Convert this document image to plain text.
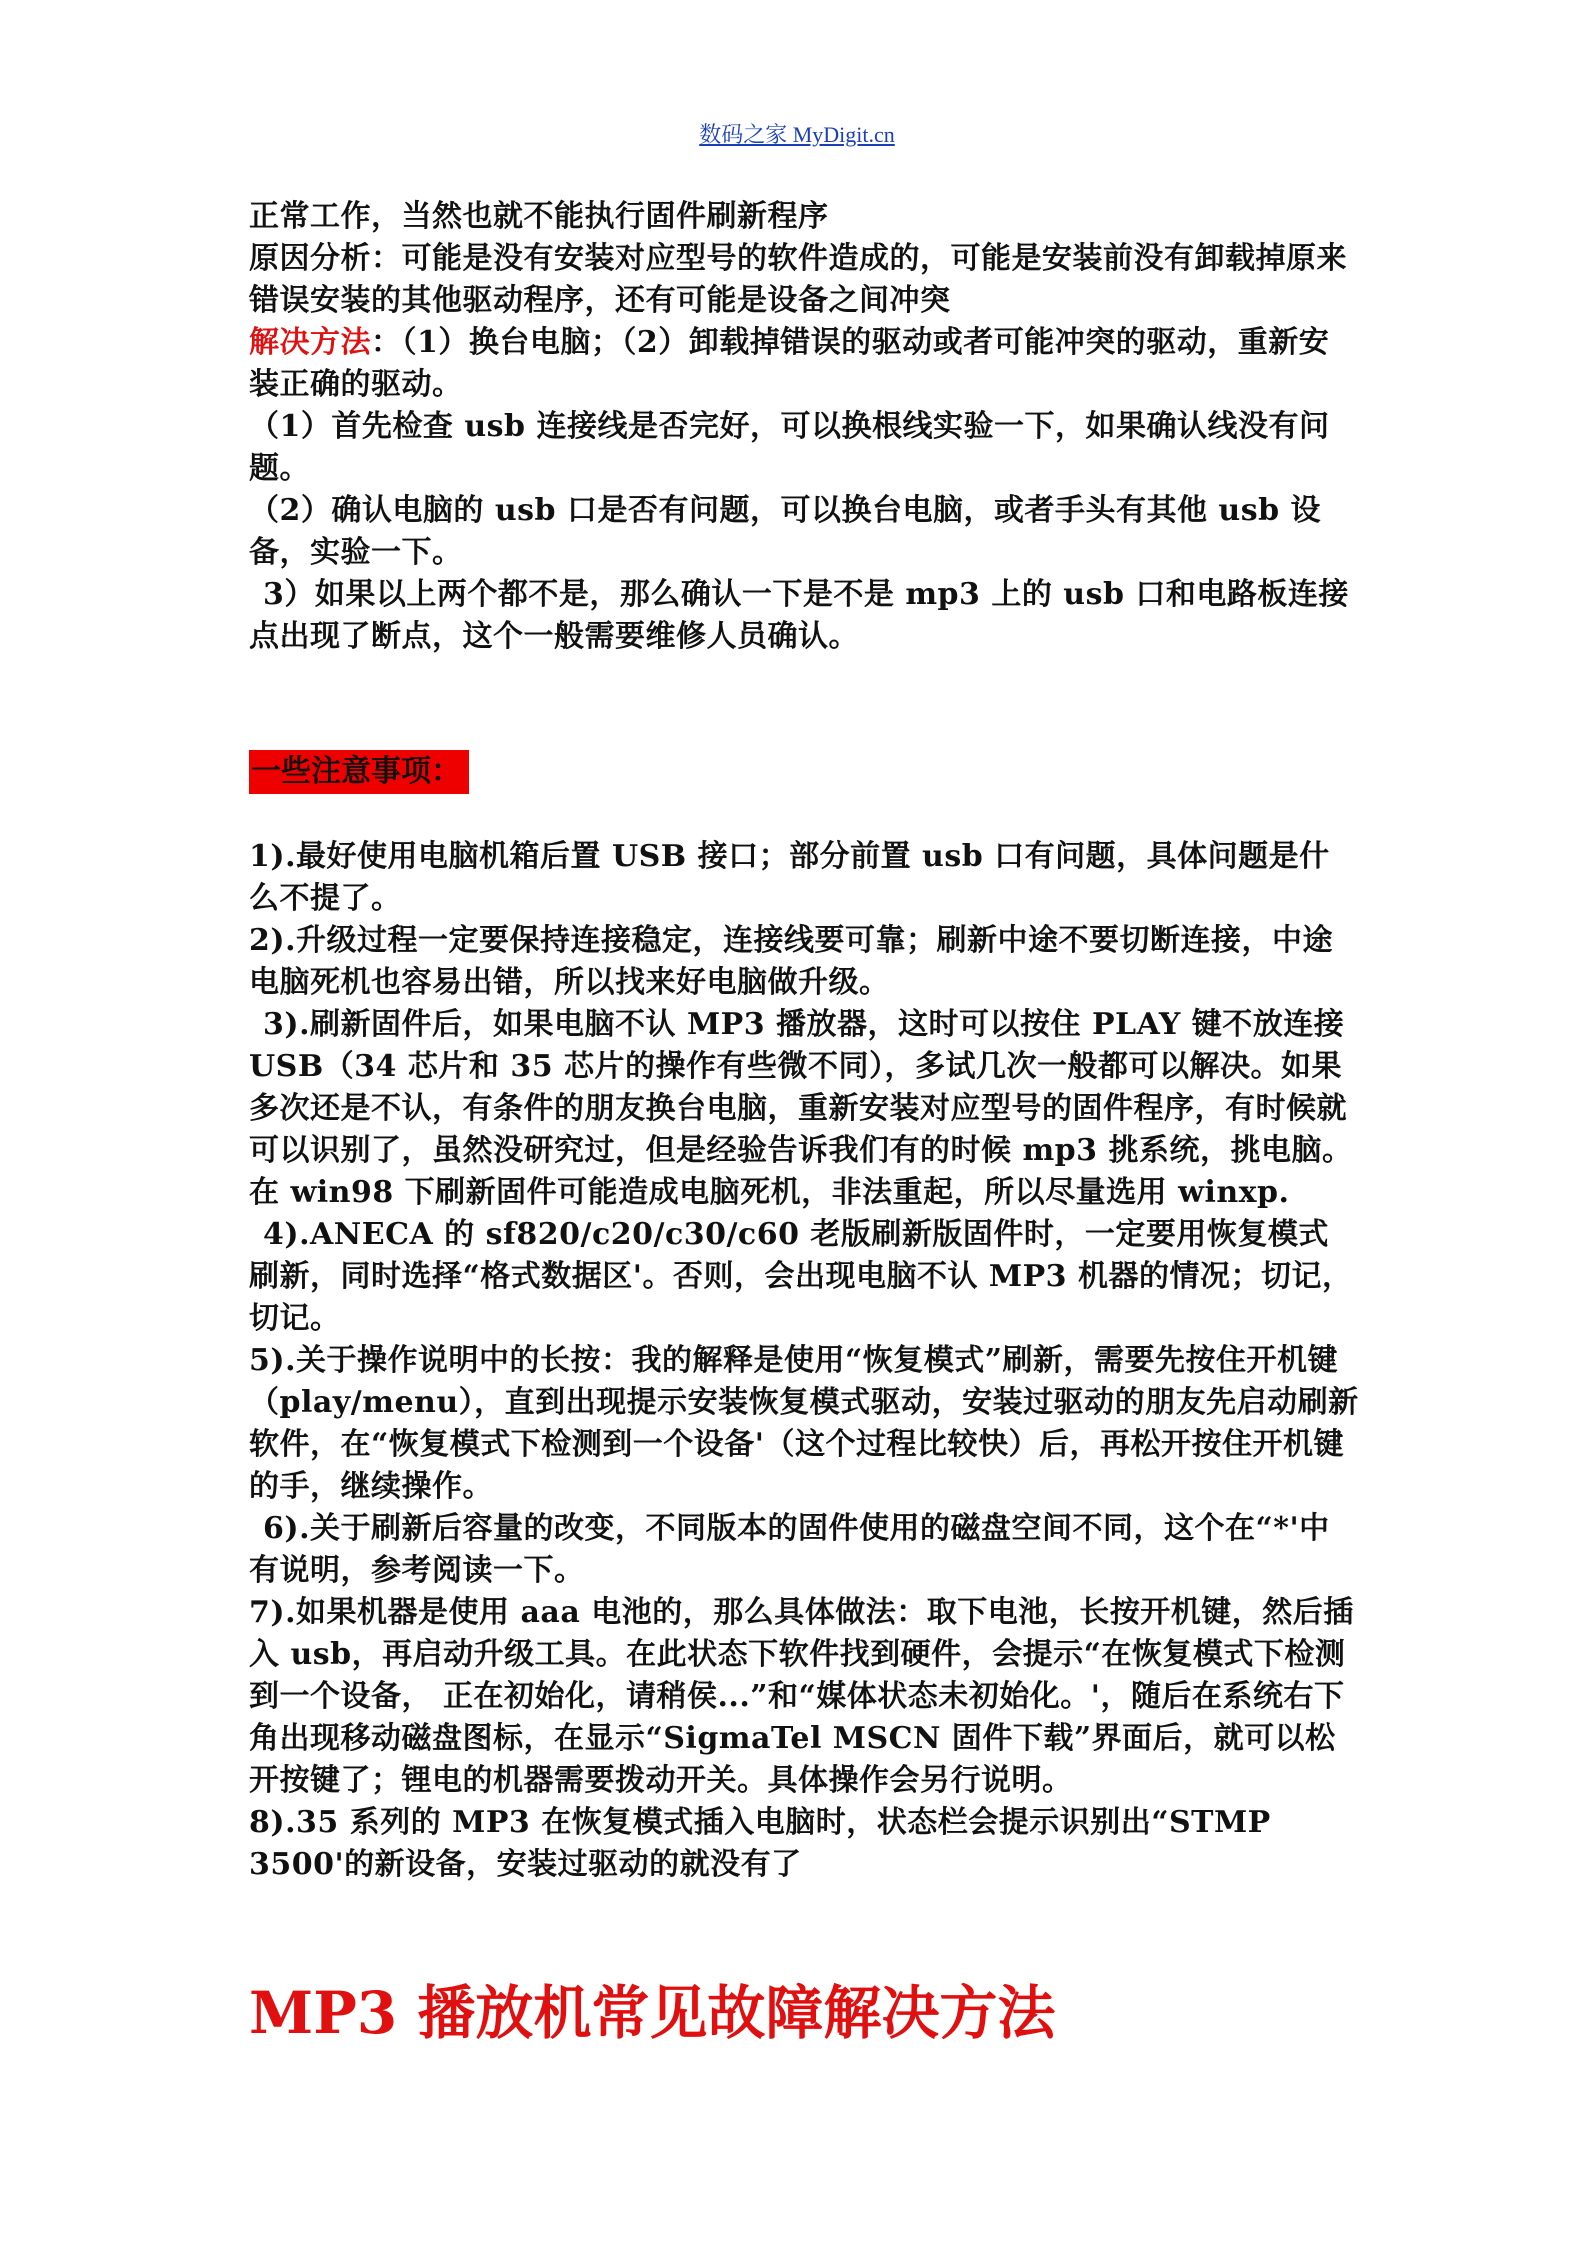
数码之家 MyDigit.cn

正常工作，当然也就不能执行固件刷新程序

原因分析：可能是没有安装对应型号的软件造成的，可能是安装前没有卸载掉原来错误安装的其他驱动程序，还有可能是设备之间冲突

解决方法：（1）换台电脑；（2）卸载掉错误的驱动或者可能冲突的驱动，重新安装正确的驱动。

（1）首先检查 usb 连接线是否完好，可以换根线实验一下，如果确认线没有问题。

（2）确认电脑的 usb 口是否有问题，可以换台电脑，或者手头有其他 usb 设备，实验一下。

3）如果以上两个都不是，那么确认一下是不是 mp3 上的 usb 口和电路板连接点出现了断点，这个一般需要维修人员确认。

一些注意事项：

1).最好使用电脑机箱后置 USB 接口；部分前置 usb 口有问题，具体问题是什么不提了。

2).升级过程一定要保持连接稳定，连接线要可靠；刷新中途不要切断连接，中途电脑死机也容易出错，所以找来好电脑做升级。

3).刷新固件后，如果电脑不认 MP3 播放器，这时可以按住 PLAY 键不放连接 USB（34 芯片和 35 芯片的操作有些微不同），多试几次一般都可以解决。如果多次还是不认，有条件的朋友换台电脑，重新安装对应型号的固件程序，有时候就可以识别了，虽然没研究过，但是经验告诉我们有的时候 mp3 挑系统，挑电脑。在 win98 下刷新固件可能造成电脑死机，非法重起，所以尽量选用 winxp.

4).ANECA 的 sf820/c20/c30/c60 老版刷新版固件时，一定要用恢复模式刷新，同时选择“格式数据区'。否则，会出现电脑不认 MP3 机器的情况；切记，切记。

5).关于操作说明中的长按：我的解释是使用“恢复模式”刷新，需要先按住开机键（play/menu），直到出现提示安装恢复模式驱动，安装过驱动的朋友先启动刷新软件，在“恢复模式下检测到一个设备'（这个过程比较快）后，再松开按住开机键的手，继续操作。

6).关于刷新后容量的改变，不同版本的固件使用的磁盘空间不同，这个在“*'中有说明，参考阅读一下。

7).如果机器是使用 aaa 电池的，那么具体做法：取下电池，长按开机键，然后插入 usb，再启动升级工具。在此状态下软件找到硬件，会提示“在恢复模式下检测到一个设备， 正在初始化，请稍侯...”和“媒体状态未初始化。'，随后在系统右下角出现移动磁盘图标，在显示“SigmaTel MSCN 固件下载”界面后，就可以松开按键了；锂电的机器需要拨动开关。具体操作会另行说明。

8).35 系列的 MP3 在恢复模式插入电脑时，状态栏会提示识别出“STMP 3500'的新设备，安装过驱动的就没有了

MP3 播放机常见故障解决方法
